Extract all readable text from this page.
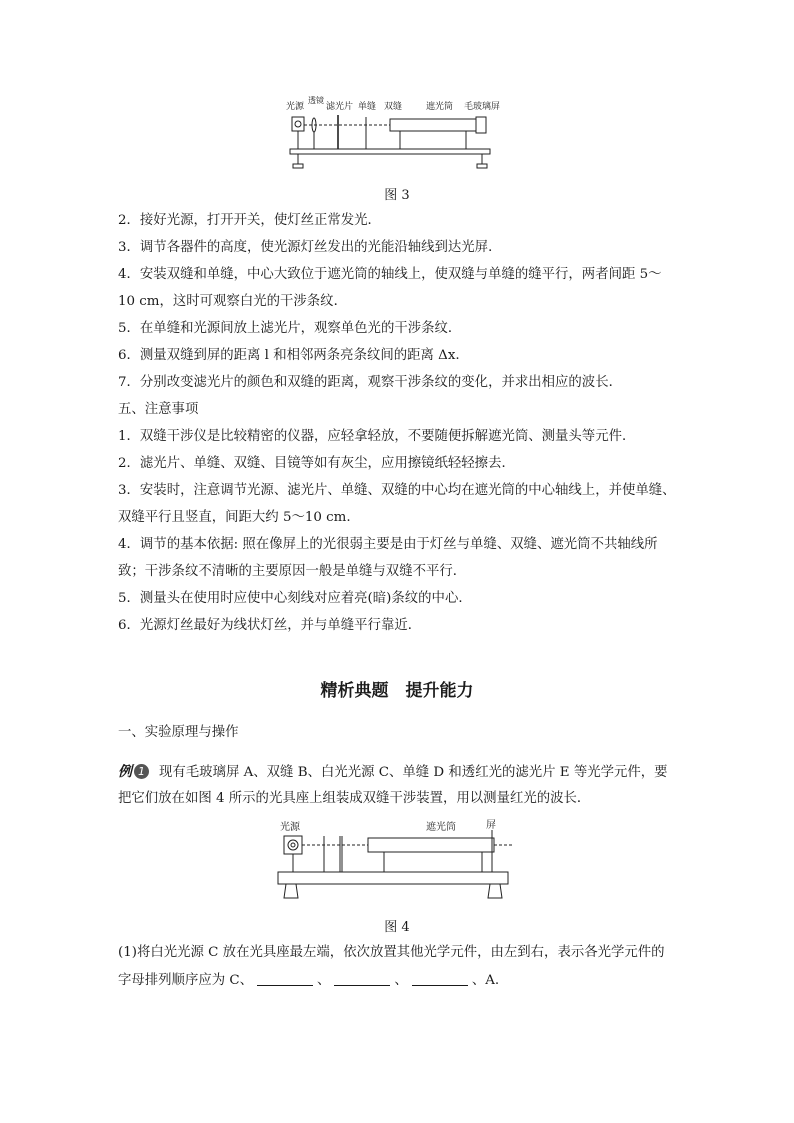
光源
透镜
滤光片 单缝 双缝	遮光筒 毛玻璃屏
图 3
2．接好光源，打开开关，使灯丝正常发光．
3．调节各器件的高度，使光源灯丝发出的光能沿轴线到达光屏．
4．安装双缝和单缝，中心大致位于遮光筒的轴线上，使双缝与单缝的缝平行，两者间距 5～
10 cm，这时可观察白光的干涉条纹．
5．在单缝和光源间放上滤光片，观察单色光的干涉条纹．
6．测量双缝到屏的距离 l 和相邻两条亮条纹间的距离 Δx.
7．分别改变滤光片的颜色和双缝的距离，观察干涉条纹的变化，并求出相应的波长．
五、注意事项
1．双缝干涉仪是比较精密的仪器，应轻拿轻放，不要随便拆解遮光筒、测量头等元件．
2．滤光片、单缝、双缝、目镜等如有灰尘，应用擦镜纸轻轻擦去．
3．安装时，注意调节光源、滤光片、单缝、双缝的中心均在遮光筒的中心轴线上，并使单缝、
双缝平行且竖直，间距大约 5～10 cm.
4．调节的基本依据: 照在像屏上的光很弱主要是由于灯丝与单缝、双缝、遮光筒不共轴线所
致；干涉条纹不清晰的主要原因一般是单缝与双缝不平行．
5．测量头在使用时应使中心刻线对应着亮(暗)条纹的中心．
6．光源灯丝最好为线状灯丝，并与单缝平行靠近．
精析典题　提升能力
一、实验原理与操作
例 1 现有毛玻璃屏 A、双缝 B、白光光源 C、单缝 D 和透红光的滤光片 E 等光学元件，要
把它们放在如图 4 所示的光具座上组装成双缝干涉装置，用以测量红光的波长．
光源	遮光筒	屏
图 4
(1)将白光光源 C 放在光具座最左端，依次放置其他光学元件，由左到右，表示各光学元件的
字母排列顺序应为 C、	、	、	、A.
